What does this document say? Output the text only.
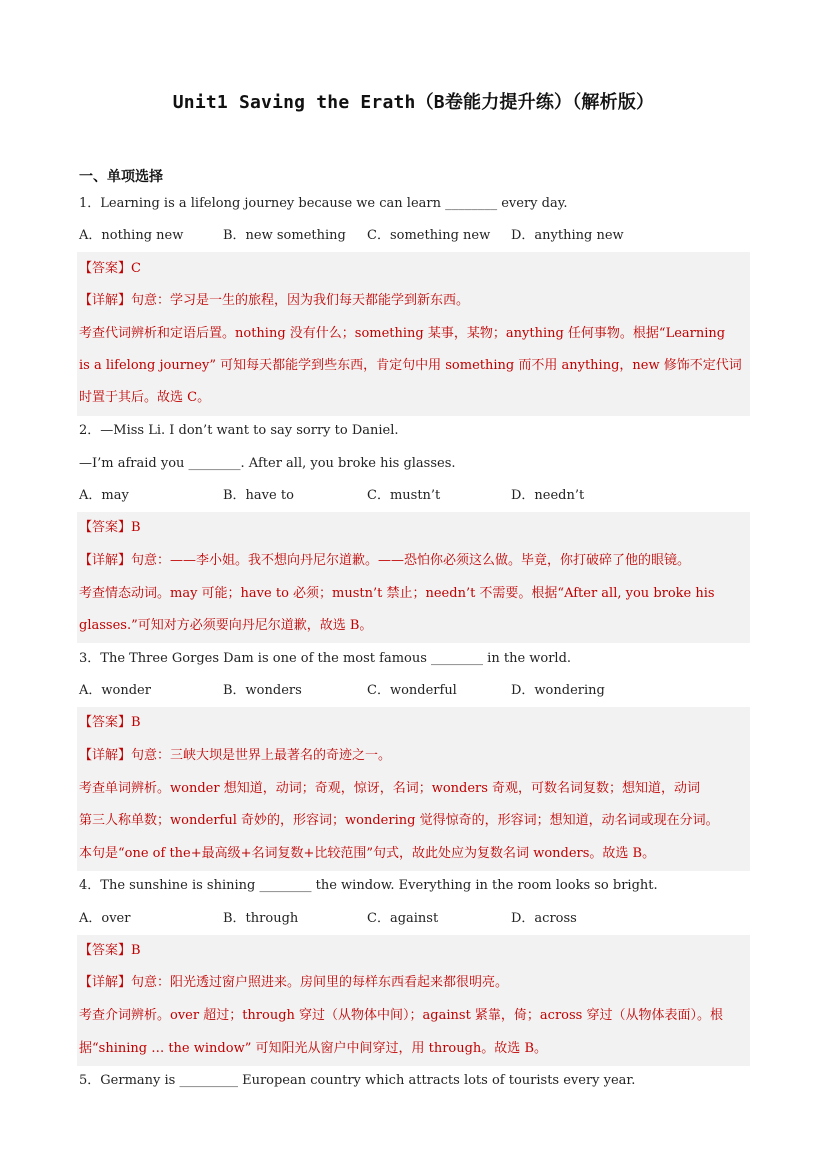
Unit1 Saving the Erath（B卷能力提升练）（解析版）
一、单项选择
1．Learning is a lifelong journey because we can learn ________ every day.
A．nothing new	B．new something C．something new D．anything new
【答案】C
【详解】句意：学习是一生的旅程，因为我们每天都能学到新东西。
考查代词辨析和定语后置。nothing 没有什么；something 某事，某物；anything 任何事物。根据“Learning
is a lifelong journey” 可知每天都能学到些东西，肯定句中用 something 而不用 anything，new 修饰不定代词
时置于其后。故选 C。
2．—Miss Li. I don’t want to say sorry to Daniel.
—I’m afraid you ________. After all, you broke his glasses.
A．may	B．have to	C．mustn’t	D．needn’t
【答案】B
【详解】句意：——李小姐。我不想向丹尼尔道歉。——恐怕你必须这么做。毕竟，你打破碎了他的眼镜。
考查情态动词。may 可能；have to 必须；mustn’t 禁止；needn’t 不需要。根据“After all, you broke his
glasses.”可知对方必须要向丹尼尔道歉，故选 B。
3．The Three Gorges Dam is one of the most famous ________ in the world.
A．wonder	B．wonders	C．wonderful	D．wondering
【答案】B
【详解】句意：三峡大坝是世界上最著名的奇迹之一。
考查单词辨析。wonder 想知道，动词；奇观，惊讶，名词；wonders 奇观，可数名词复数；想知道，动词
第三人称单数；wonderful 奇妙的，形容词；wondering 觉得惊奇的，形容词；想知道，动名词或现在分词。
本句是“one of the+最高级+名词复数+比较范围”句式，故此处应为复数名词 wonders。故选 B。
4．The sunshine is shining ________ the window. Everything in the room looks so bright.
A．over	B．through	C．against	D．across
【答案】B
【详解】句意：阳光透过窗户照进来。房间里的每样东西看起来都很明亮。
考查介词辨析。over 超过；through 穿过（从物体中间）；against 紧靠，倚；across 穿过（从物体表面）。根
据“shining … the window” 可知阳光从窗户中间穿过，用 through。故选 B。
5．Germany is _________ European country which attracts lots of tourists every year.
